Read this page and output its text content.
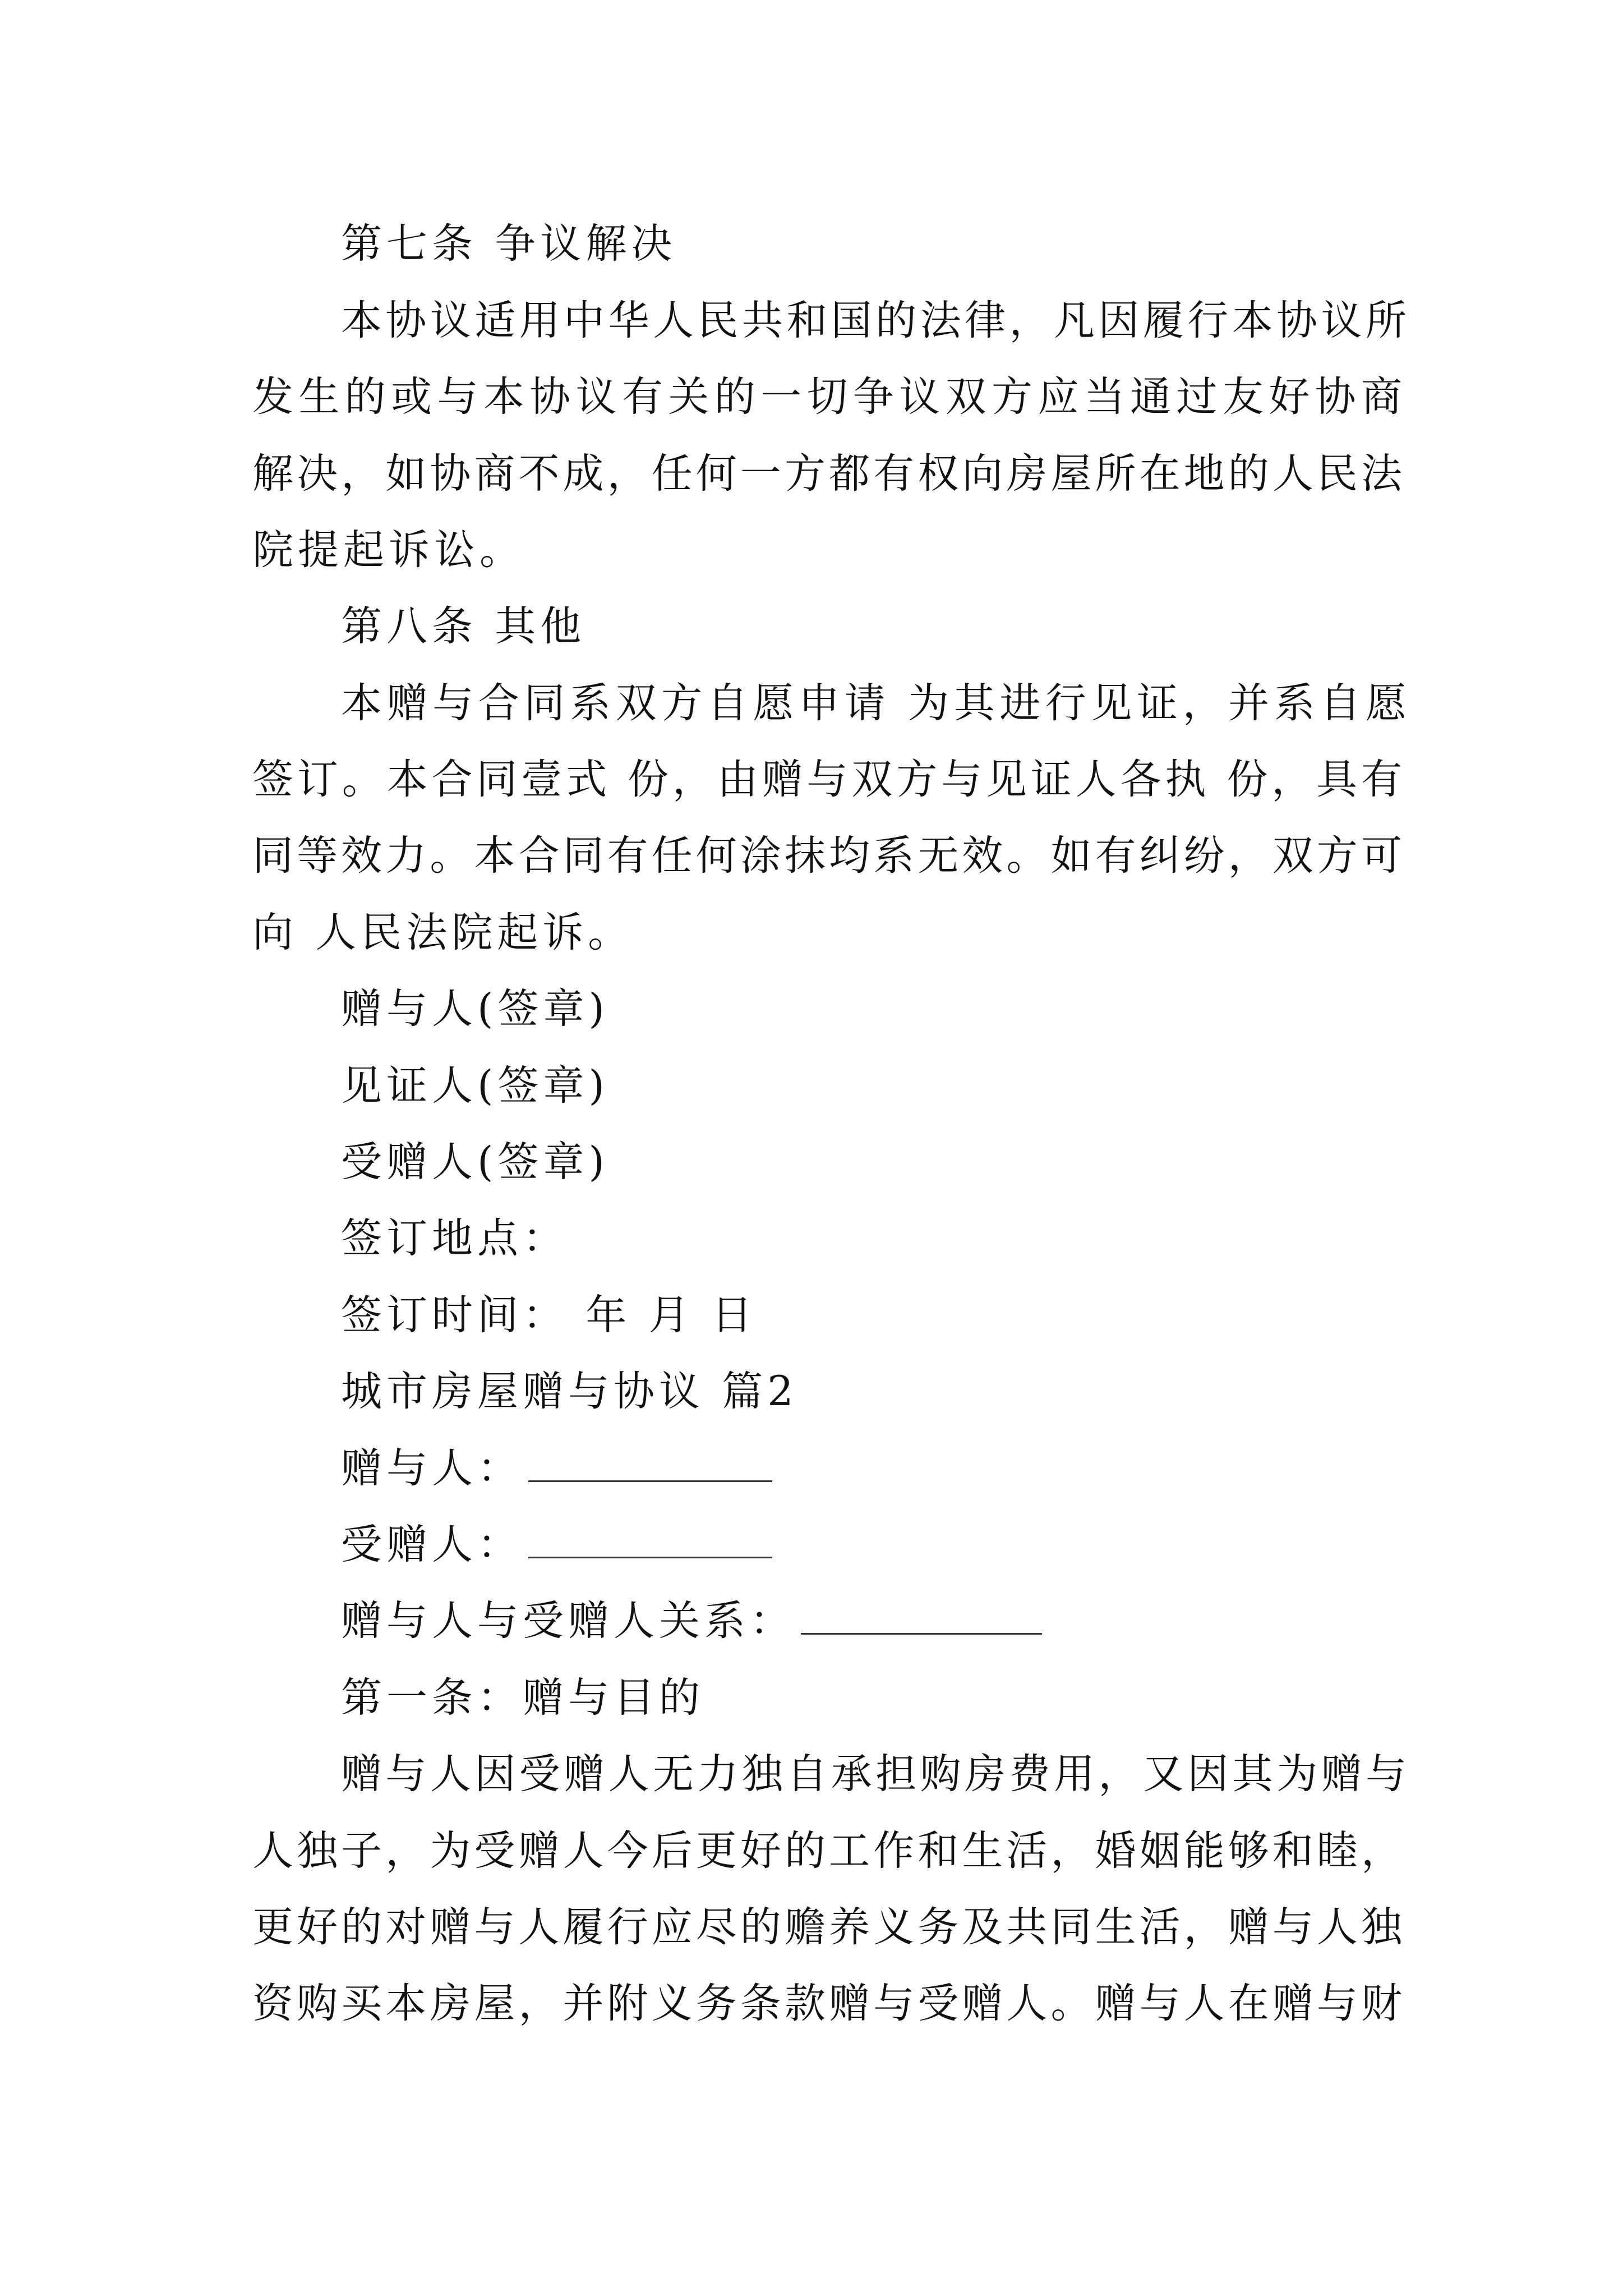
第七条 争议解决
本协议适用中华人民共和国的法律，凡因履行本协议所
发生的或与本协议有关的一切争议双方应当通过友好协商
解决，如协商不成，任何一方都有权向房屋所在地的人民法
院提起诉讼。
第八条 其他
本赠与合同系双方自愿申请 为其进行见证，并系自愿
签订。本合同壹式 份，由赠与双方与见证人各执 份，具有
同等效力。本合同有任何涂抹均系无效。如有纠纷，双方可
向 人民法院起诉。
赠与人(签章)
见证人(签章)
受赠人(签章)
签订地点：
签订时间： 年 月 日
城市房屋赠与协议 篇2
赠与人：
受赠人：
赠与人与受赠人关系：
第一条：赠与目的
赠与人因受赠人无力独自承担购房费用，又因其为赠与
人独子，为受赠人今后更好的工作和生活，婚姻能够和睦，
更好的对赠与人履行应尽的赡养义务及共同生活，赠与人独
资购买本房屋，并附义务条款赠与受赠人。赠与人在赠与财
